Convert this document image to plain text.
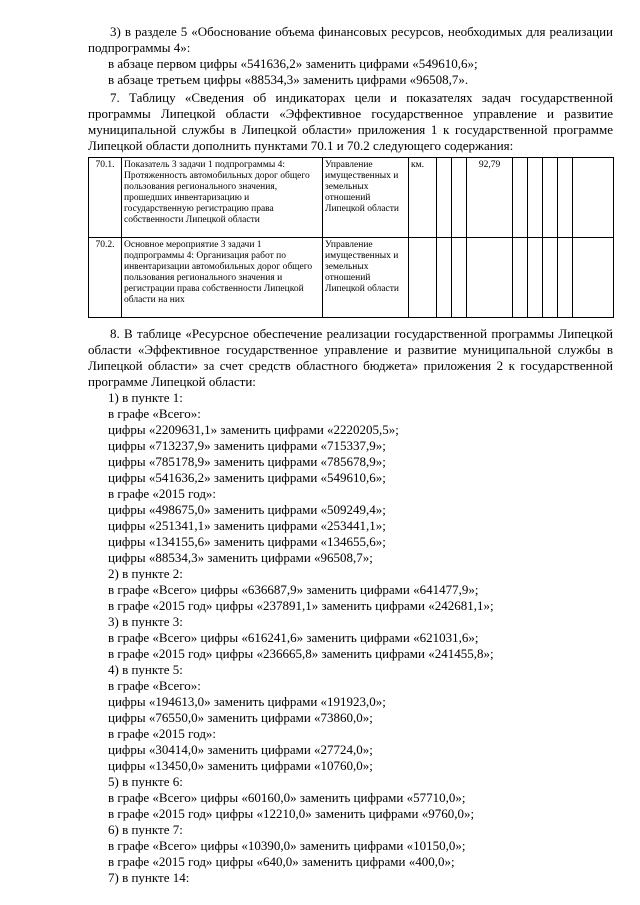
3) в разделе 5 «Обоснование объема финансовых ресурсов, необходимых для реализации подпрограммы 4»:

в абзаце первом цифры «541636,2» заменить цифрами «549610,6»;
в абзаце третьем цифры «88534,3» заменить цифрами «96508,7».

7. Таблицу «Сведения об индикаторах цели и показателях задач государственной программы Липецкой области «Эффективное государственное управление и развитие муниципальной службы в Липецкой области» приложения 1 к государственной программе Липецкой области дополнить пунктами 70.1 и 70.2 следующего содержания:

70.1.	Показатель 3 задачи 1 подпрограммы 4: Протяженность автомобильных дорог общего пользования регионального значения, прошедших инвентаризацию и государственную регистрацию права собственности Липецкой области	Управление имущественных и земельных отношений Липецкой области	км.			92,79					
70.2.	Основное мероприятие 3 задачи 1 подпрограммы 4: Организация работ по инвентаризации автомобильных дорог общего пользования регионального значения и регистрации права собственности Липецкой области на них	Управление имущественных и земельных отношений Липецкой области									

8. В таблице «Ресурсное обеспечение реализации государственной программы Липецкой области «Эффективное государственное управление и развитие муниципальной службы в Липецкой области» за счет средств областного бюджета» приложения 2 к государственной программе Липецкой области:

1) в пункте 1:
в графе «Всего»:
цифры «2209631,1» заменить цифрами «2220205,5»;
цифры «713237,9» заменить цифрами «715337,9»;
цифры «785178,9» заменить цифрами «785678,9»;
цифры «541636,2» заменить цифрами «549610,6»;
в графе «2015 год»:
цифры «498675,0» заменить цифрами «509249,4»;
цифры «251341,1» заменить цифрами «253441,1»;
цифры «134155,6» заменить цифрами «134655,6»;
цифры «88534,3» заменить цифрами «96508,7»;
2) в пункте 2:
в графе «Всего» цифры «636687,9» заменить цифрами «641477,9»;
в графе «2015 год» цифры «237891,1» заменить цифрами «242681,1»;
3) в пункте 3:
в графе «Всего» цифры «616241,6» заменить цифрами «621031,6»;
в графе «2015 год» цифры «236665,8» заменить цифрами «241455,8»;
4) в пункте 5:
в графе «Всего»:
цифры «194613,0» заменить цифрами «191923,0»;
цифры «76550,0» заменить цифрами «73860,0»;
в графе «2015 год»:
цифры «30414,0» заменить цифрами «27724,0»;
цифры «13450,0» заменить цифрами «10760,0»;
5) в пункте 6:
в графе «Всего» цифры «60160,0» заменить цифрами «57710,0»;
в графе «2015 год» цифры «12210,0» заменить цифрами «9760,0»;
6) в пункте 7:
в графе «Всего» цифры «10390,0» заменить цифрами «10150,0»;
в графе «2015 год» цифры «640,0» заменить цифрами «400,0»;
7) в пункте 14:
